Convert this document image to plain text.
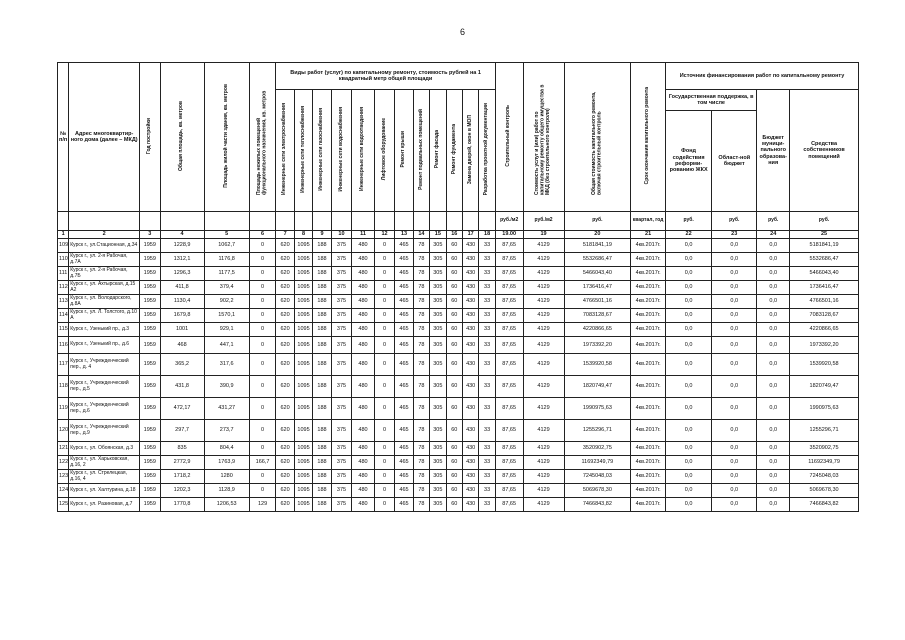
6
№ п/п	Адрес многоквартир-ного дома (далее – МКД)	Год постройки	Общая площадь, кв. метров	Площадь жилой части здания, кв. метров	Площадь нежилых помещений функционального назначения, кв. метров	Виды работ (услуг) по капитальному ремонту, стоимость рублей на 1 квадратный метр общей площади												Строительный контроль	Стоимость услуг и (или) работ по капитальному ремонту общего имущества в МКД (без строительного контроля)	Общая стоимость капитального ремонта, включая строительный контроль	Срок окончания капитального ремонта	Источник финансирования работ по капитальному ремонту			
						Инженерные сети электроснабжения	Инженерные сети теплоснабжения	Инженерные сети газоснабжения	Инженерные сети водоснабжения	Инженерные сети водоотведения	Лифтовое оборудование	Ремонт крыши	Ремонт подвальных помещений	Ремонт фасада	Ремонт фундамента	Замена дверей, окон в МОП	Разработка проектной документации					Государственная поддержка, в том числе		Бюджет муници-пального образова-ния	Средства собственников помещений
																						Фонд содействия реформи-рованию ЖКХ	Област-ной бюджет		
																		руб./м2	руб./м2	руб.	квартал, год	руб.	руб.	руб.	руб.
1	2	3	4	5	6	7	8	9	10	11	12	13	14	15	16	17	18	19.00	19	20	21	22	23	24	25
109	Курск г., ул.Стационная, д.34	1959	1228,9	1062,7	0	620	1095	188	375	480	0	465	78	305	60	430	33	87,65	4129	5181841,19	4кв.2017г.	0,0	0,0	0,0	5181841,19
110	Курск г., ул. 2-я Рабочая, д.7А	1959	1312,1	1176,8	0	620	1095	188	375	480	0	465	78	305	60	430	33	87,65	4129	5532686,47	4кв.2017г.	0,0	0,0	0,0	5532686,47
111	Курск г., ул. 2-я Рабочая, д.7Б	1959	1296,3	1177,5	0	620	1095	188	375	480	0	465	78	305	60	430	33	87,65	4129	5466043,40	4кв.2017г.	0,0	0,0	0,0	5466043,40
112	Курск г., ул. Ахтырская, д.15 А2	1959	411,8	379,4	0	620	1095	188	375	480	0	465	78	305	60	430	33	87,65	4129	1736416,47	4кв.2017г.	0,0	0,0	0,0	1736416,47
113	Курск г., ул. Володарского, д.8А	1959	1130,4	902,2	0	620	1095	188	375	480	0	465	78	305	60	430	33	87,65	4129	4766501,16	4кв.2017г.	0,0	0,0	0,0	4766501,16
114	Курск г., ул. Л. Толстого, д.10 А	1959	1679,8	1570,1	0	620	1095	188	375	480	0	465	78	305	60	430	33	87,65	4129	7083128,67	4кв.2017г.	0,0	0,0	0,0	7083128,67
115	Курск г., Узенький пр., д.3	1959	1001	929,1	0	620	1095	188	375	480	0	465	78	305	60	430	33	87,65	4129	4220866,65	4кв.2017г.	0,0	0,0	0,0	4220866,65
116	Курск г., Узенький пр., д.6	1959	468	447,1	0	620	1095	188	375	480	0	465	78	305	60	430	33	87,65	4129	1973392,20	4кв.2017г.	0,0	0,0	0,0	1973392,20
117	Курск г., Учрежденческий пер., д. 4	1959	365,2	317,6	0	620	1095	188	375	480	0	465	78	305	60	430	33	87,65	4129	1539920,58	4кв.2017г.	0,0	0,0	0,0	1539920,58
118	Курск г., Учрежденческий пер., д.5	1959	431,8	390,9	0	620	1095	188	375	480	0	465	78	305	60	430	33	87,65	4129	1820749,47	4кв.2017г.	0,0	0,0	0,0	1820749,47
119	Курск г., Учрежденческий пер., д.6	1959	472,17	431,27	0	620	1095	188	375	480	0	465	78	305	60	430	33	87,65	4129	1990975,63	4кв.2017г.	0,0	0,0	0,0	1990975,63
120	Курск г., Учрежденческий пер., д.9	1959	297,7	273,7	0	620	1095	188	375	480	0	465	78	305	60	430	33	87,65	4129	1255296,71	4кв.2017г.	0,0	0,0	0,0	1255296,71
121	Курск г., ул. Обоянская, д.3	1959	835	804,4	0	620	1095	188	375	480	0	465	78	305	60	430	33	87,65	4129	3520902,75	4кв.2017г.	0,0	0,0	0,0	3520902,75
122	Курск г., ул. Харьковская, д.16, 2	1959	2772,9	1763,9	166,7	620	1095	188	375	480	0	465	78	305	60	430	33	87,65	4129	11692349,79	4кв.2017г.	0,0	0,0	0,0	11692349,79
123	Курск г., ул. Стрелецкая, д.16, 4	1959	1718,2	1280	0	620	1095	188	375	480	0	465	78	305	60	430	33	87,65	4129	7245048,03	4кв.2017г.	0,0	0,0	0,0	7245048,03
124	Курск г., ул. Халтурина, д.18	1959	1202,3	1128,9	0	620	1095	188	375	480	0	465	78	305	60	430	33	87,65	4129	5069678,30	4кв.2017г.	0,0	0,0	0,0	5069678,30
125	Курск г., ул. Разиновая, д.7	1959	1770,8	1206,53	129	620	1095	188	375	480	0	465	78	305	60	430	33	87,65	4129	7466843,82	4кв.2017г.	0,0	0,0	0,0	7466843,82
